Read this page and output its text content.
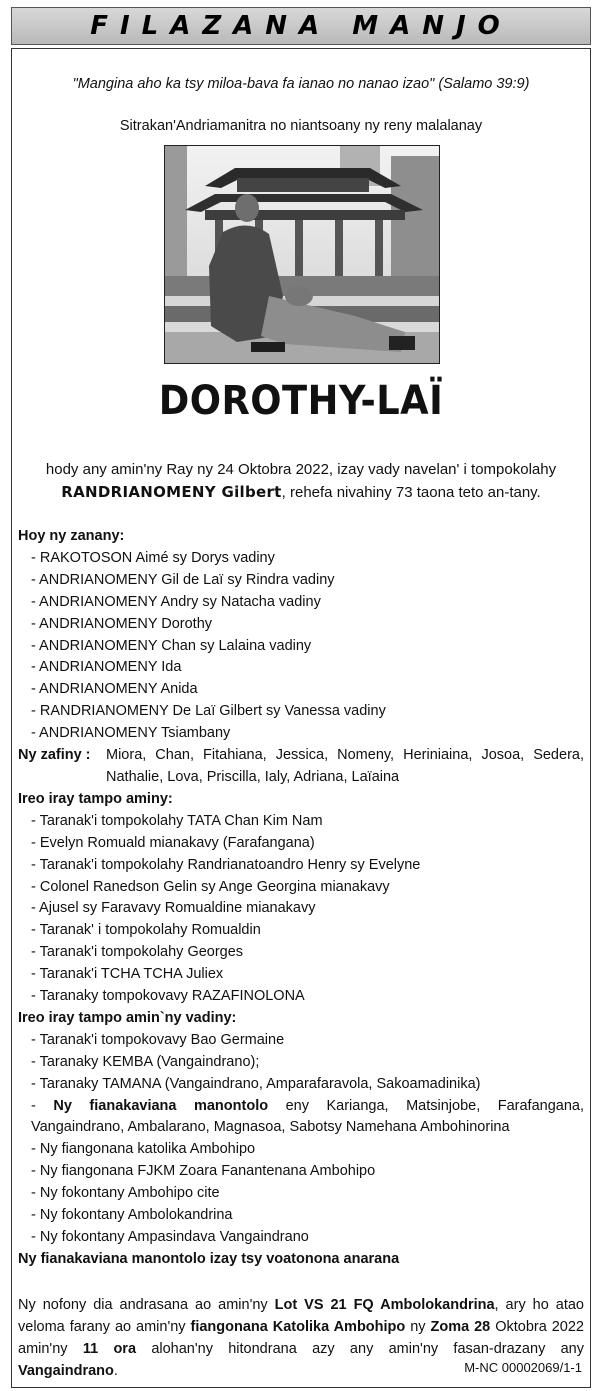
FILAZANA MANJO
"Mangina aho ka tsy miloa-bava fa ianao no nanao izao" (Salamo 39:9)
Sitrakan'Andriamanitra no niantsoany ny reny malalanay
DOROTHY-LAÏ
hody any amin'ny Ray ny 24 Oktobra 2022, izay vady navelan' i tompokolahy
RANDRIANOMENY Gilbert, rehefa nivahiny 73 taona teto an-tany.
Hoy ny zanany:
- RAKOTOSON Aimé sy Dorys vadiny
- ANDRIANOMENY Gil de Laï sy Rindra vadiny
- ANDRIANOMENY Andry sy Natacha vadiny
- ANDRIANOMENY Dorothy
- ANDRIANOMENY Chan sy Lalaina vadiny
- ANDRIANOMENY Ida
- ANDRIANOMENY Anida
- RANDRIANOMENY De Laï Gilbert sy Vanessa vadiny
- ANDRIANOMENY Tsiambany
Ny zafiny :	Miora, Chan, Fitahiana, Jessica, Nomeny, Heriniaina, Josoa, Sedera, Nathalie, Lova, Priscilla, Ialy, Adriana, Laïaina
Ireo iray tampo aminy:
- Taranak'i tompokolahy TATA Chan Kim Nam
- Evelyn Romuald mianakavy (Farafangana)
- Taranak'i tompokolahy Randrianatoandro Henry sy Evelyne
- Colonel Ranedson Gelin sy Ange Georgina mianakavy
- Ajusel sy Faravavy Romualdine mianakavy
- Taranak' i tompokolahy Romualdin
- Taranak'i tompokolahy Georges
- Taranak'i TCHA TCHA Juliex
- Taranaky tompokovavy RAZAFINOLONA
Ireo iray tampo amin`ny vadiny:
- Taranak'i tompokovavy Bao Germaine
- Taranaky KEMBA (Vangaindrano);
- Taranaky TAMANA (Vangaindrano, Amparafaravola, Sakoamadinika)
- Ny fianakaviana manontolo eny Karianga, Matsinjobe, Farafangana, Vangaindrano, Ambalarano, Magnasoa, Sabotsy Namehana Ambohinorina
- Ny fiangonana katolika Ambohipo
- Ny fiangonana FJKM Zoara Fanantenana Ambohipo
- Ny fokontany Ambohipo cite
- Ny fokontany Ambolokandrina
- Ny fokontany Ampasindava Vangaindrano
Ny fianakaviana manontolo izay tsy voatonona anarana
Ny nofony dia andrasana ao amin'ny Lot VS 21 FQ Ambolokandrina, ary ho atao veloma farany ao amin'ny fiangonana Katolika Ambohipo ny Zoma 28 Oktobra 2022 amin'ny 11 ora alohan'ny hitondrana azy any amin'ny fasan-drazany any Vangaindrano.	M-NC 00002069/1-1
